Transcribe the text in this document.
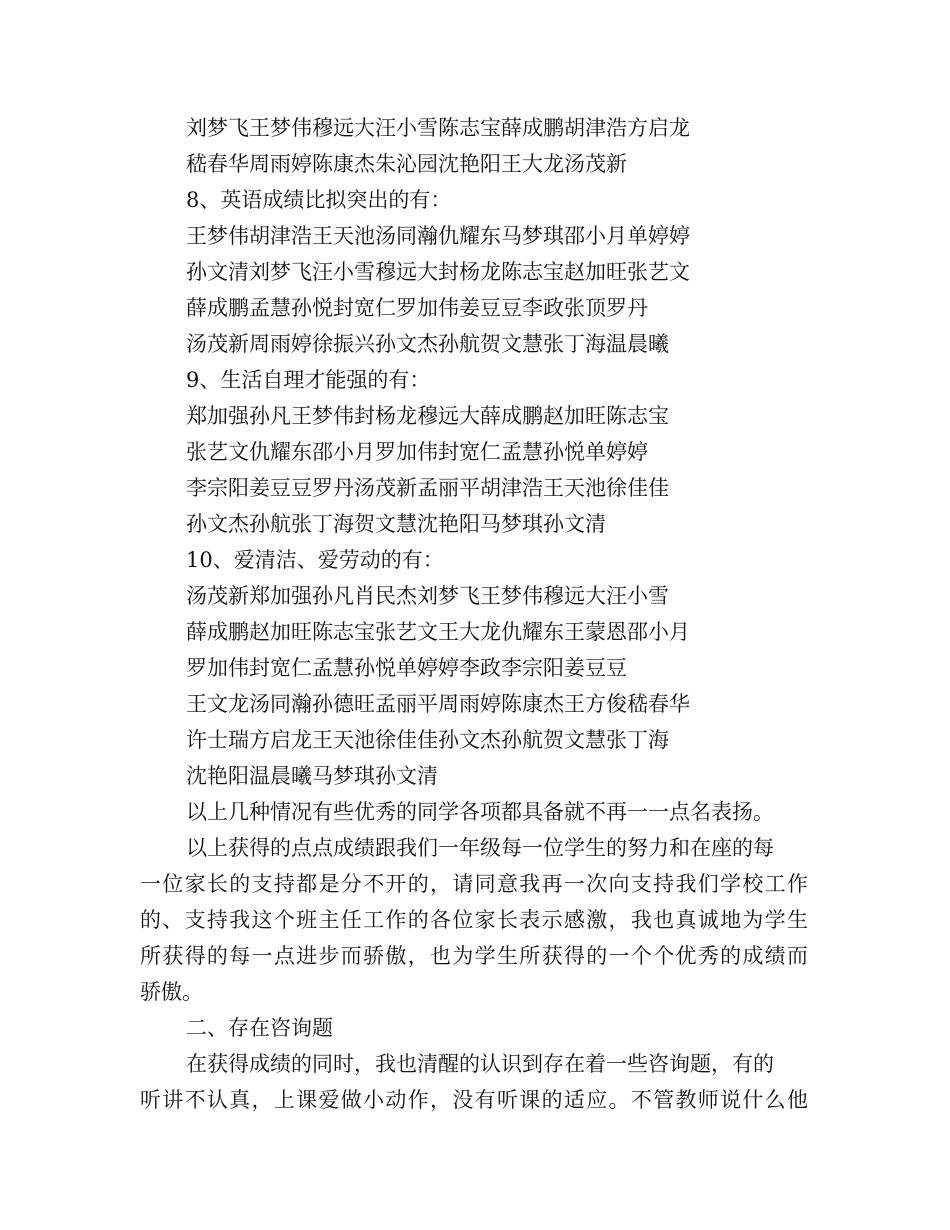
刘梦飞王梦伟穆远大汪小雪陈志宝薛成鹏胡津浩方启龙
嵇春华周雨婷陈康杰朱沁园沈艳阳王大龙汤茂新
8、英语成绩比拟突出的有：
王梦伟胡津浩王天池汤同瀚仇耀东马梦琪邵小月单婷婷
孙文清刘梦飞汪小雪穆远大封杨龙陈志宝赵加旺张艺文
薛成鹏孟慧孙悦封宽仁罗加伟姜豆豆李政张顶罗丹
汤茂新周雨婷徐振兴孙文杰孙航贺文慧张丁海温晨曦
9、生活自理才能强的有：
郑加强孙凡王梦伟封杨龙穆远大薛成鹏赵加旺陈志宝
张艺文仇耀东邵小月罗加伟封宽仁孟慧孙悦单婷婷
李宗阳姜豆豆罗丹汤茂新孟丽平胡津浩王天池徐佳佳
孙文杰孙航张丁海贺文慧沈艳阳马梦琪孙文清
10、爱清洁、爱劳动的有：
汤茂新郑加强孙凡肖民杰刘梦飞王梦伟穆远大汪小雪
薛成鹏赵加旺陈志宝张艺文王大龙仇耀东王蒙恩邵小月
罗加伟封宽仁孟慧孙悦单婷婷李政李宗阳姜豆豆
王文龙汤同瀚孙德旺孟丽平周雨婷陈康杰王方俊嵇春华
许士瑞方启龙王天池徐佳佳孙文杰孙航贺文慧张丁海
沈艳阳温晨曦马梦琪孙文清
以上几种情况有些优秀的同学各项都具备就不再一一点名表扬。
以上获得的点点成绩跟我们一年级每一位学生的努力和在座的每
一位家长的支持都是分不开的，请同意我再一次向支持我们学校工作
的、支持我这个班主任工作的各位家长表示感激，我也真诚地为学生
所获得的每一点进步而骄傲，也为学生所获得的一个个优秀的成绩而
骄傲。
二、存在咨询题
在获得成绩的同时，我也清醒的认识到存在着一些咨询题，有的
听讲不认真，上课爱做小动作，没有听课的适应。不管教师说什么他
